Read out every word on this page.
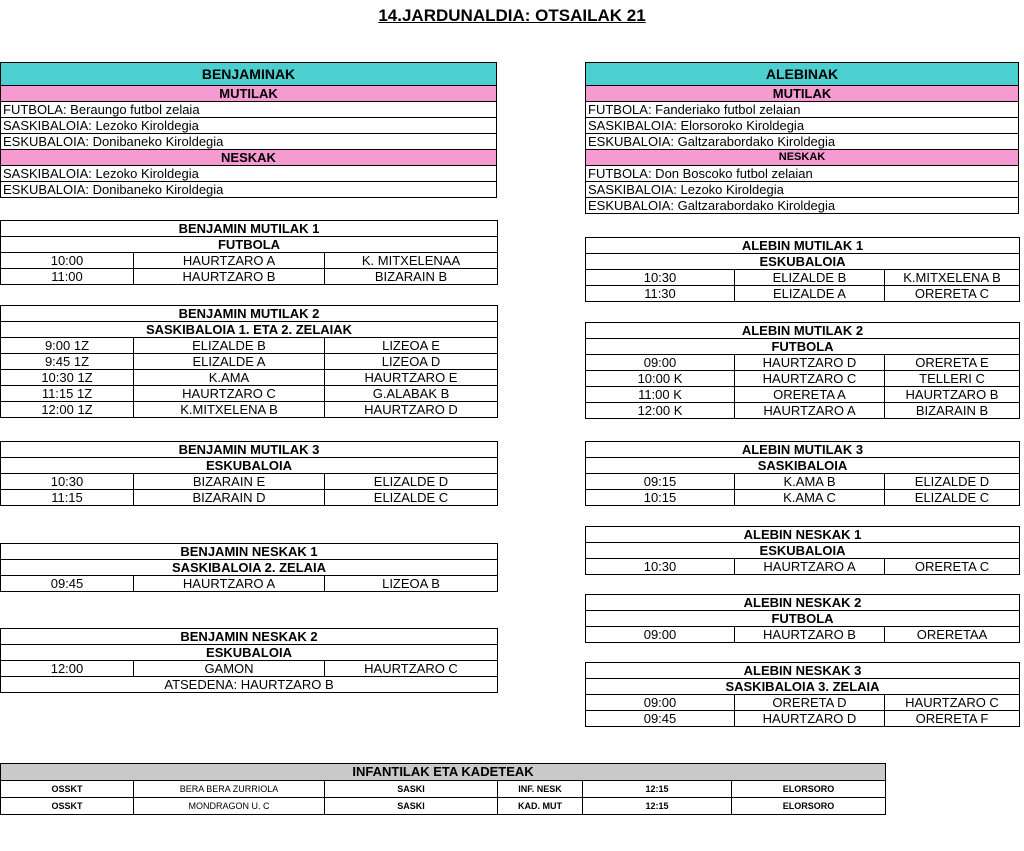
14.JARDUNALDIA: OTSAILAK 21
BENJAMINAK
MUTILAK
FUTBOLA: Beraungo futbol zelaia
SASKIBALOIA: Lezoko Kiroldegia
ESKUBALOIA: Donibaneko Kiroldegia
NESKAK
SASKIBALOIA: Lezoko Kiroldegia
ESKUBALOIA: Donibaneko Kiroldegia
ALEBINAK
MUTILAK
FUTBOLA: Fanderiako futbol zelaian
SASKIBALOIA: Elorsoroko Kiroldegia
ESKUBALOIA: Galtzarabordako Kiroldegia
NESKAK
FUTBOLA: Don Boscoko futbol zelaian
SASKIBALOIA: Lezoko Kiroldegia
ESKUBALOIA: Galtzarabordako Kiroldegia
BENJAMIN MUTILAK 1		
FUTBOLA		
10:00	HAURTZARO A	K. MITXELENAA
11:00	HAURTZARO B	BIZARAIN B
BENJAMIN MUTILAK 2		
SASKIBALOIA 1. ETA 2. ZELAIAK		
9:00 1Z	ELIZALDE B	LIZEOA E
9:45 1Z	ELIZALDE A	LIZEOA D
10:30 1Z	K.AMA	HAURTZARO E
11:15 1Z	HAURTZARO C	G.ALABAK B
12:00 1Z	K.MITXELENA B	HAURTZARO D
BENJAMIN MUTILAK 3		
ESKUBALOIA		
10:30	BIZARAIN E	ELIZALDE D
11:15	BIZARAIN D	ELIZALDE C
BENJAMIN NESKAK 1
SASKIBALOIA 2. ZELAIA
09:45	HAURTZARO A	LIZEOA B
BENJAMIN NESKAK 2
ESKUBALOIA
12:00	GAMON	HAURTZARO C
ATSEDENA: HAURTZARO B
ALEBIN MUTILAK 1		
ESKUBALOIA		
10:30	ELIZALDE B	K.MITXELENA B
11:30	ELIZALDE A	ORERETA C
ALEBIN MUTILAK 2		
FUTBOLA		
09:00	HAURTZARO D	ORERETA E
10:00 K	HAURTZARO C	TELLERI C
11:00 K	ORERETA A	HAURTZARO B
12:00 K	HAURTZARO A	BIZARAIN B
ALEBIN MUTILAK 3		
SASKIBALOIA		
09:15	K.AMA B	ELIZALDE D
10:15	K.AMA C	ELIZALDE C
ALEBIN NESKAK 1
ESKUBALOIA
10:30	HAURTZARO A	ORERETA C
ALEBIN NESKAK 2
FUTBOLA
09:00	HAURTZARO B	ORERETAA
ALEBIN NESKAK 3		
SASKIBALOIA 3. ZELAIA		
09:00	ORERETA D	HAURTZARO C
09:45	HAURTZARO D	ORERETA F
INFANTILAK ETA KADETEAK					
OSSKT	BERA BERA ZURRIOLA	SASKI	INF. NESK	12:15	ELORSORO
OSSKT	MONDRAGON U. C	SASKI	KAD. MUT	12:15	ELORSORO
